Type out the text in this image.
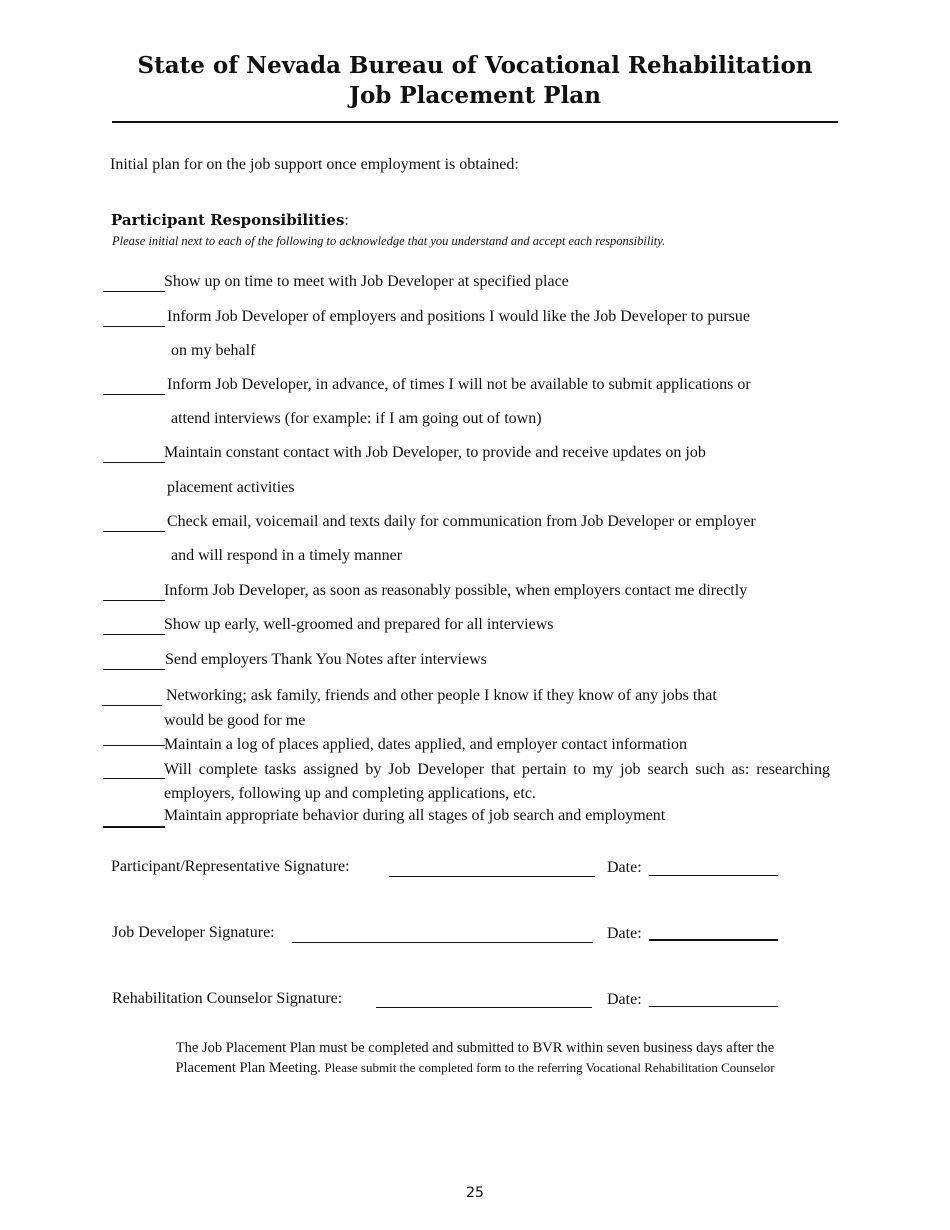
State of Nevada Bureau of Vocational Rehabilitation
Job Placement Plan
Initial plan for on the job support once employment is obtained:
Participant Responsibilities:
Please initial next to each of the following to acknowledge that you understand and accept each responsibility.
Show up on time to meet with Job Developer at specified place
Inform Job Developer of employers and positions I would like the Job Developer to pursue
on my behalf
Inform Job Developer, in advance, of times I will not be available to submit applications or
attend interviews (for example: if I am going out of town)
Maintain constant contact with Job Developer, to provide and receive updates on job
placement activities
Check email, voicemail and texts daily for communication from Job Developer or employer
and will respond in a timely manner
Inform Job Developer, as soon as reasonably possible, when employers contact me directly
Show up early, well-groomed and prepared for all interviews
Send employers Thank You Notes after interviews
Networking; ask family, friends and other people I know if they know of any jobs that
would be good for me
Maintain a log of places applied, dates applied, and employer contact information
Will complete tasks assigned by Job Developer that pertain to my job search such as: researching employers, following up and completing applications, etc.
Maintain appropriate behavior during all stages of job search and employment
Participant/Representative Signature:	Date:
Job Developer Signature:	Date:
Rehabilitation Counselor Signature:	Date:
The Job Placement Plan must be completed and submitted to BVR within seven business days after the
Placement Plan Meeting. Please submit the completed form to the referring Vocational Rehabilitation Counselor
25
